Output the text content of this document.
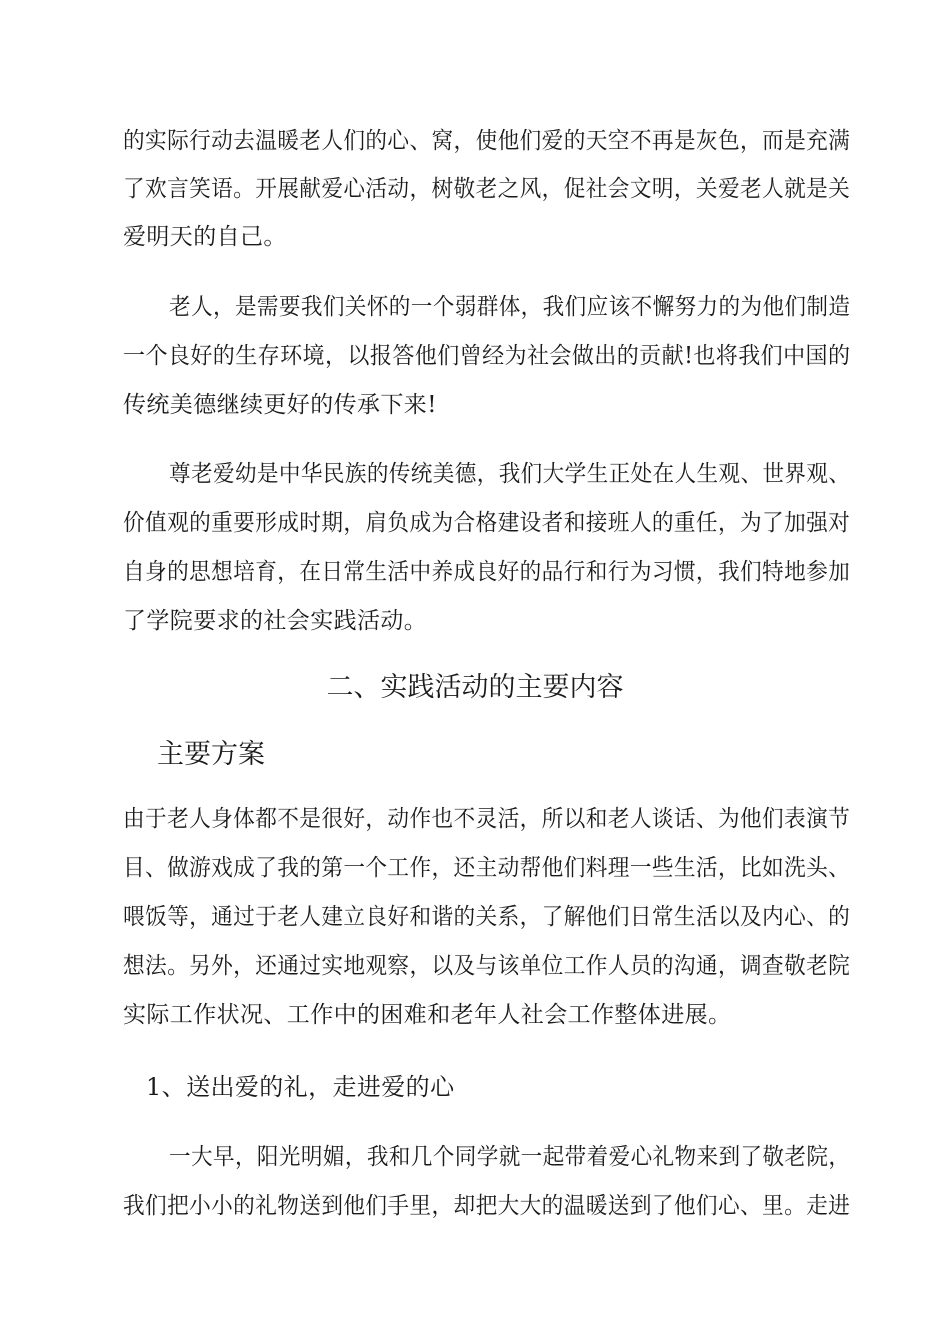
的实际行动去温暖老人们的心、窝，使他们爱的天空不再是灰色，而是充满
了欢言笑语。开展献爱心活动，树敬老之风，促社会文明，关爱老人就是关
爱明天的自己。
老人，是需要我们关怀的一个弱群体，我们应该不懈努力的为他们制造
一个良好的生存环境，以报答他们曾经为社会做出的贡献!也将我们中国的
传统美德继续更好的传承下来!
尊老爱幼是中华民族的传统美德，我们大学生正处在人生观、世界观、
价值观的重要形成时期，肩负成为合格建设者和接班人的重任，为了加强对
自身的思想培育，在日常生活中养成良好的品行和行为习惯，我们特地参加
了学院要求的社会实践活动。
二、实践活动的主要内容
主要方案
由于老人身体都不是很好，动作也不灵活，所以和老人谈话、为他们表演节
目、做游戏成了我的第一个工作，还主动帮他们料理一些生活，比如洗头、
喂饭等，通过于老人建立良好和谐的关系，了解他们日常生活以及内心、的
想法。另外，还通过实地观察，以及与该单位工作人员的沟通，调查敬老院
实际工作状况、工作中的困难和老年人社会工作整体进展。
1、送出爱的礼，走进爱的心
一大早，阳光明媚，我和几个同学就一起带着爱心礼物来到了敬老院，
我们把小小的礼物送到他们手里，却把大大的温暖送到了他们心、里。走进
